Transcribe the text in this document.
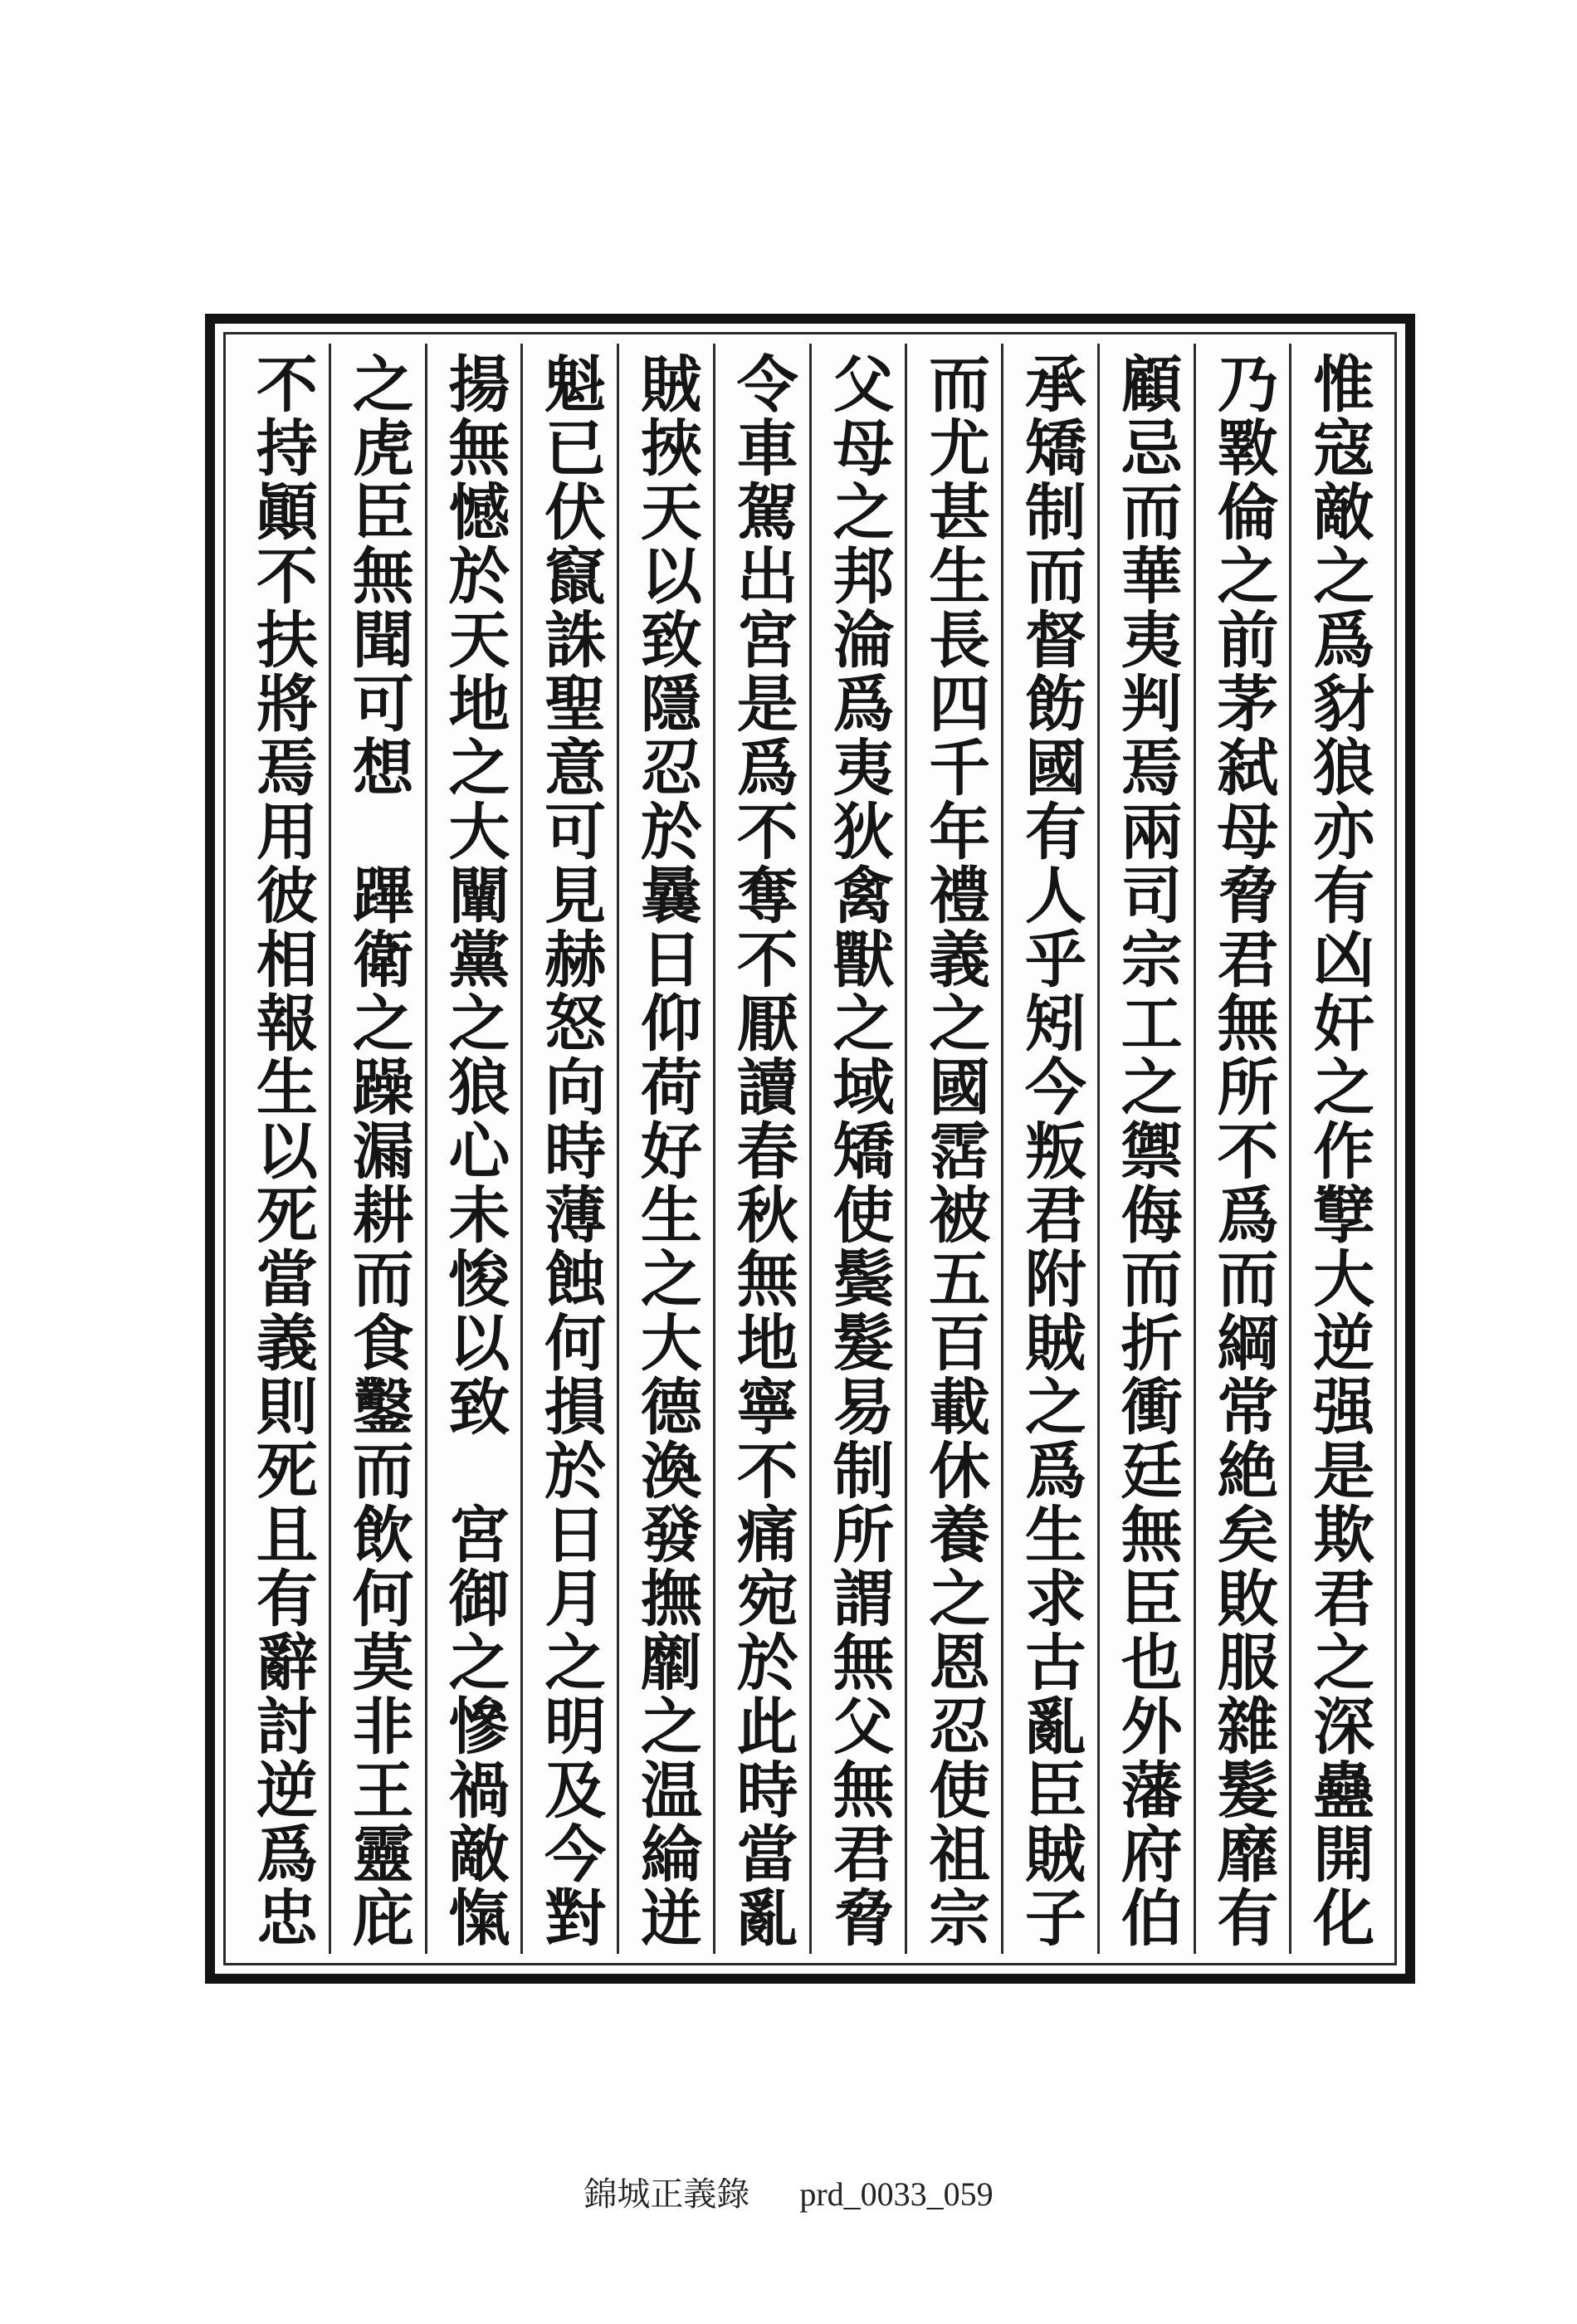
惟寇敵之爲豺狼亦有凶奸之作孼大逆强是欺君之深蠱開化
乃斁倫之前茅弑母脅君無所不爲而綱常絶矣敗服雜髮靡有
顧忌而華夷判焉兩司宗工之禦侮而折衝廷無臣也外藩府伯
承矯制而督飭國有人乎矧今叛君附賊之爲生求古亂臣賊子
而尤甚生長四千年禮義之國霑被五百載休養之恩忍使祖宗
父母之邦淪爲夷狄禽獸之域矯使鬓髮易制所謂無父無君脅
令車駕出宮是爲不奪不厭讀春秋無地寧不痛宛於此時當亂
賊挾天以致隱忍於曩日仰荷好生之大德渙發撫劘之温綸迸
魁已伏竄誅聖意可見赫怒向時薄蝕何損於日月之明及今對
揚無憾於天地之大闡黨之狼心未悛以致　宮御之慘禍敵愾
之虎臣無聞可想　蹕衛之躁漏耕而食鑿而飲何莫非王靈庇
不持顚不扶將焉用彼相報生以死當義則死且有辭討逆爲忠
錦城正義錄 prd_0033_059
